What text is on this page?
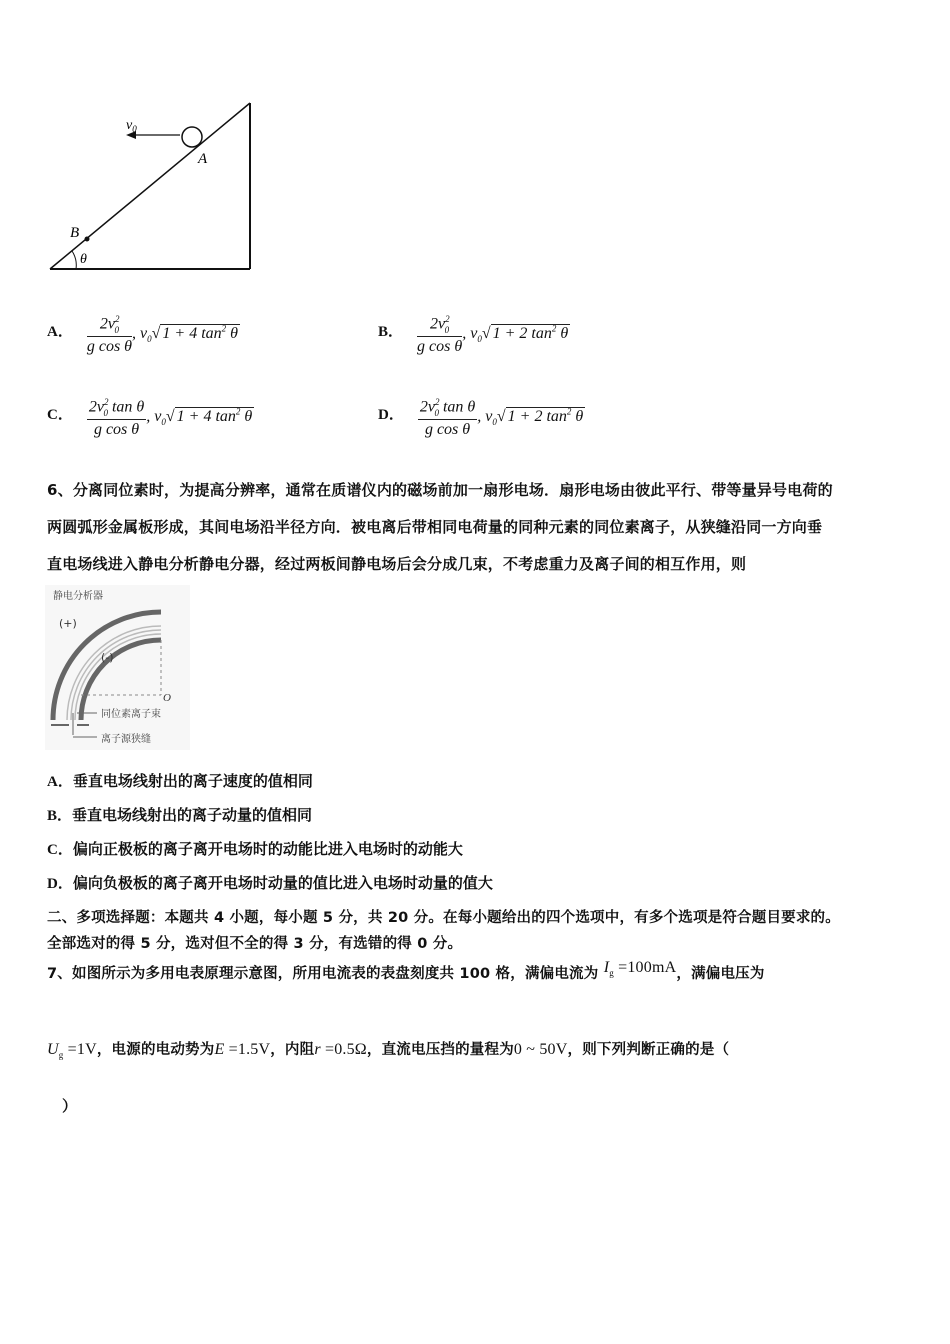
$v_0$
A
B
θ
A． $\frac{2v^2_0}{\text{g cos θ}}$ , $v_0√$ 1 + 4 $\tan^2 \theta$	B． $\frac{2v^2_0}{\text{g cos θ}}$ , $v_0√$ 1 + 2 $\tan^2 \theta$
C． $\frac{2v^2_0 \tan \theta}{\text{g cos θ}}$ , $v_0√$ 1 + 4 $\tan^2 \theta$	D． $\frac{2v^2_0 \tan \theta}{\text{g cos θ}}$ , $v_0√$ 1 + 2 $\tan^2 \theta$
6、分离同位素时，为提高分辨率，通常在质谱仪内的磁场前加一扇形电场．扇形电场由彼此平行、带等量异号电荷的
两圆弧形金属板形成，其间电场沿半径方向．被电离后带相同电荷量的同种元素的同位素离子，从狭缝沿同一方向垂
直电场线进入静电分析静电分器，经过两板间静电场后会分成几束，不考虑重力及离子间的相互作用，则
静电分析器
(+)
(-)
O
同位素离子束
离子源狭缝
A．垂直电场线射出的离子速度的值相同
B．垂直电场线射出的离子动量的值相同
C．偏向正极板的离子离开电场时的动能比进入电场时的动能大
D．偏向负极板的离子离开电场时动量的值比进入电场时动量的值大
二、多项选择题：本题共 4 小题，每小题 5 分，共 20 分。在每小题给出的四个选项中，有多个选项是符合题目要求的。
全部选对的得 5 分，选对但不全的得 3 分，有选错的得 0 分。
7、如图所示为多用电表原理示意图，所用电流表的表盘刻度共 100 格，满偏电流为 $I_g =100mA$，满偏电压为
$U_g =1V$，电源的电动势为E =1.5V，内阻r =0.5Ω，直流电压挡的量程为0 ~ 50V，则下列判断正确的是（
）
